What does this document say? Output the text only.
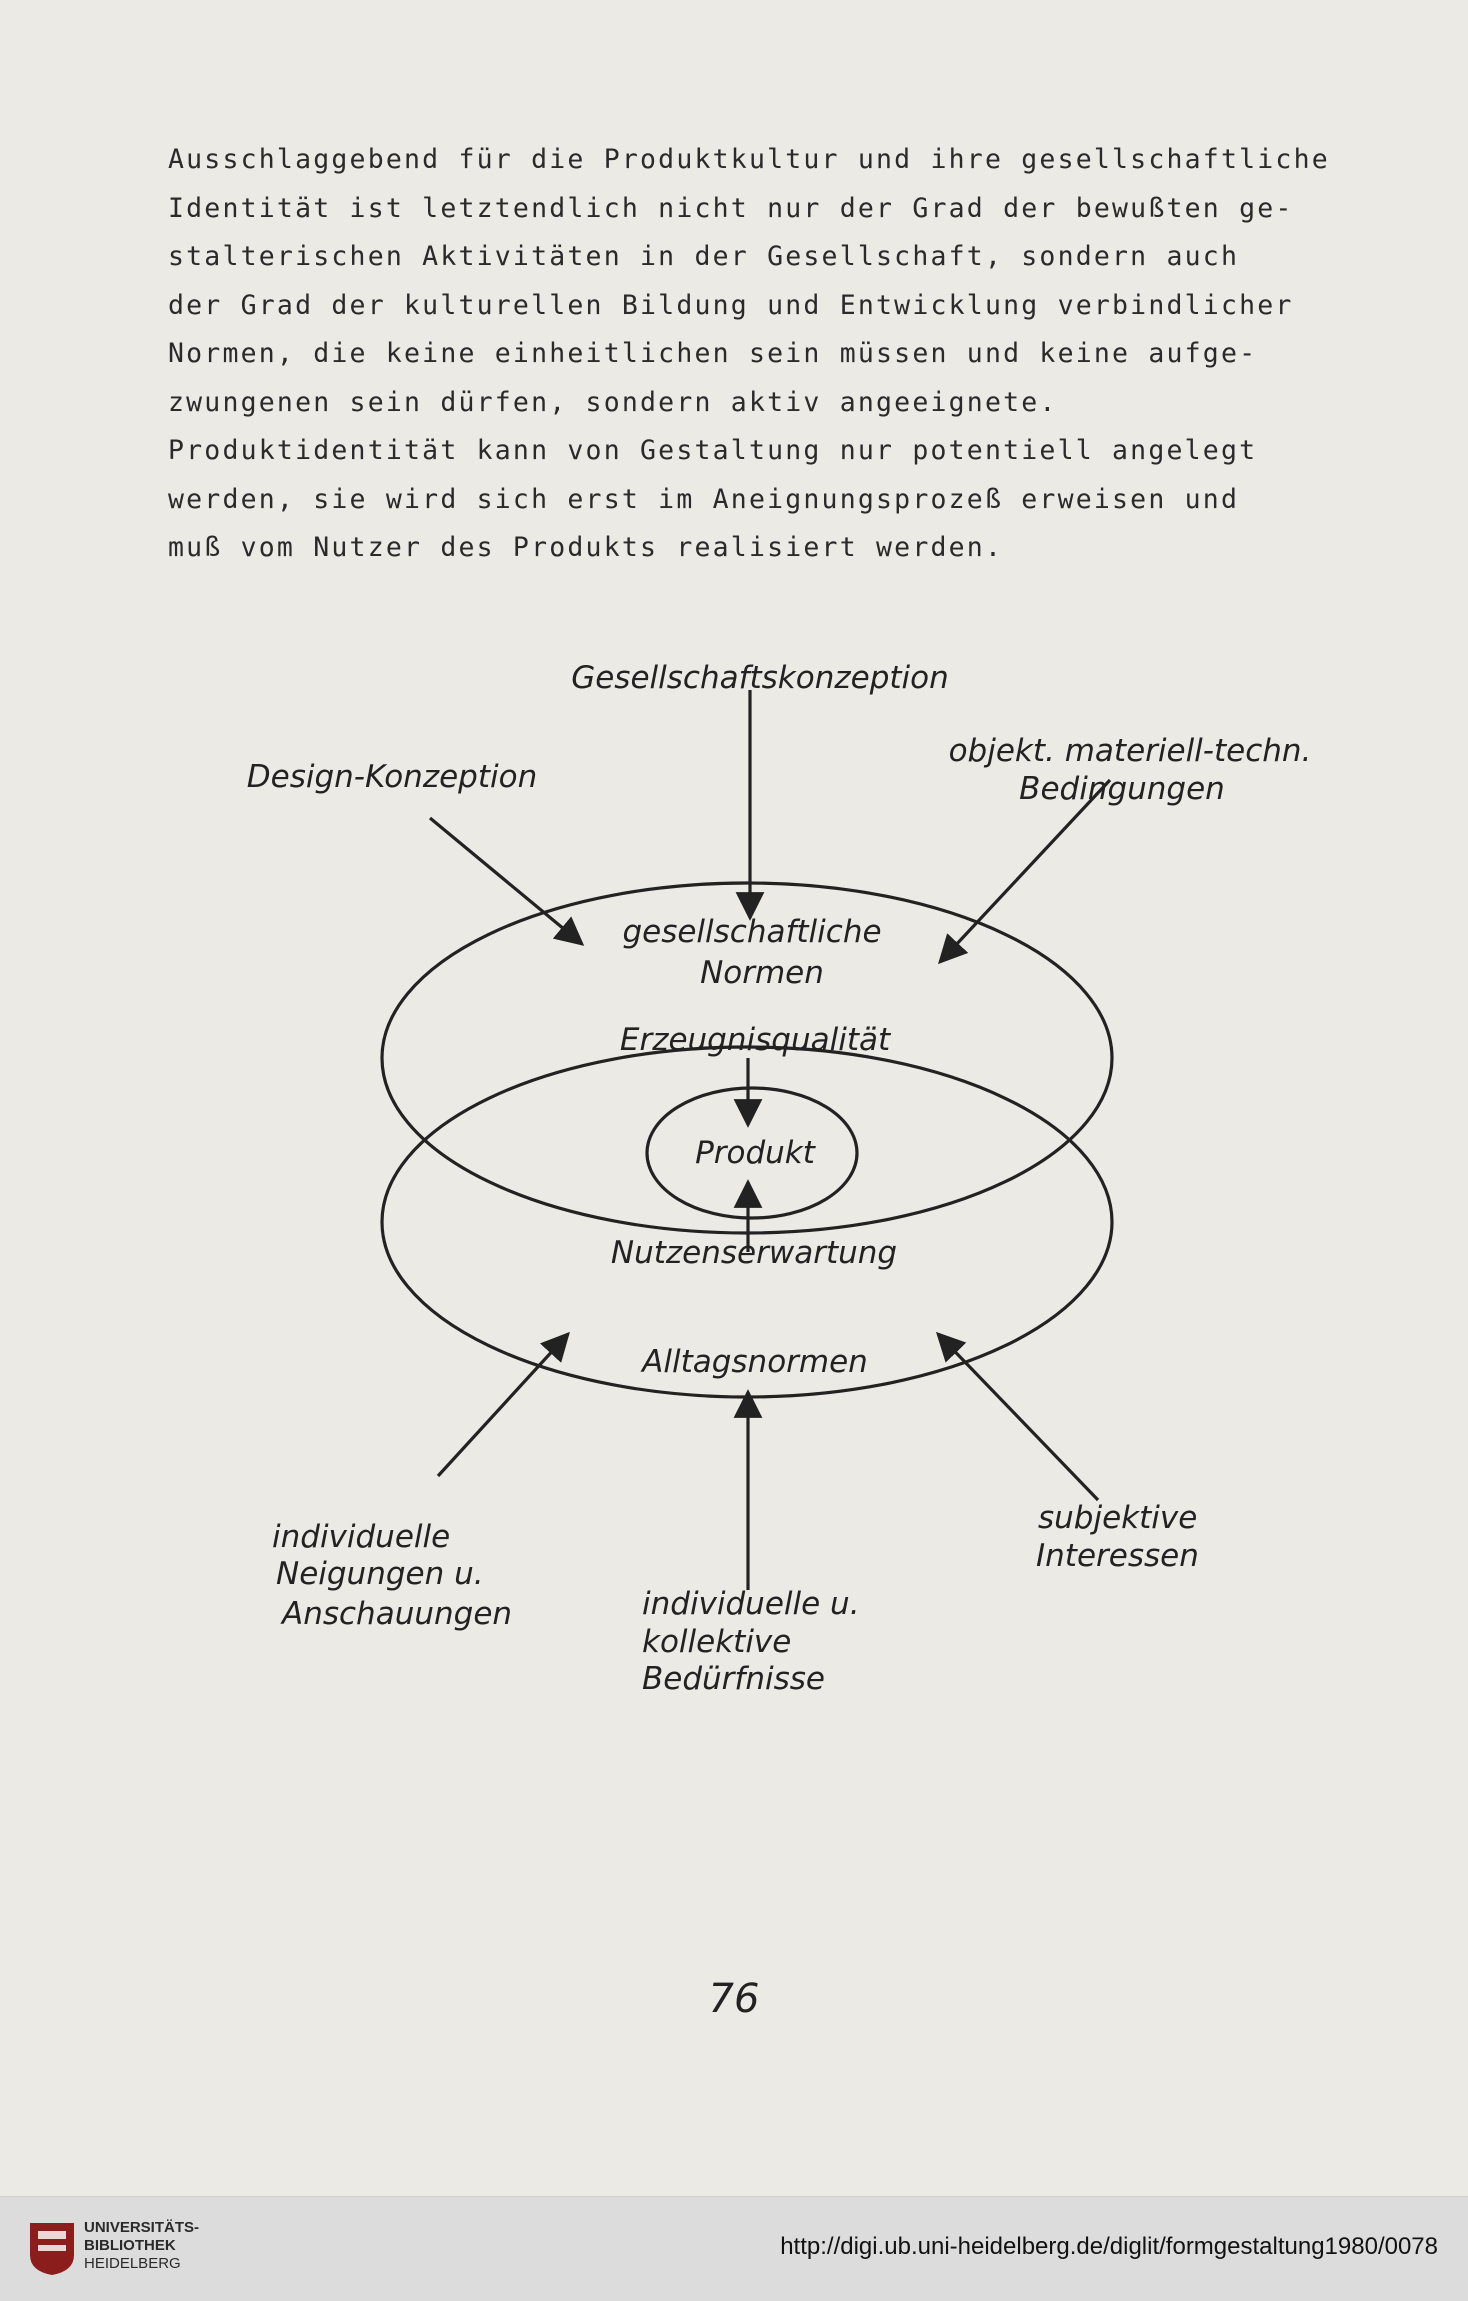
Ausschlaggebend für die Produktkultur und ihre gesellschaftliche
Identität ist letztendlich nicht nur der Grad der bewußten ge-
stalterischen Aktivitäten in der Gesellschaft, sondern auch
der Grad der kulturellen Bildung und Entwicklung verbindlicher
Normen, die keine einheitlichen sein müssen und keine aufge-
zwungenen sein dürfen, sondern aktiv angeeignete.
Produktidentität kann von Gestaltung nur potentiell angelegt
werden, sie wird sich erst im Aneignungsprozeß erweisen und
muß vom Nutzer des Produkts realisiert werden.

Gesellschaftskonzeption
Design-Konzeption
objekt. materiell-techn.
Bedingungen
gesellschaftliche
Normen
Erzeugnisqualität
Produkt
Nutzenserwartung
Alltagsnormen
individuelle
Neigungen u.
Anschauungen	individuelle u.
kollektive
Bedürfnisse
subjektive
Interessen
76
UNIVERSITÄTS-
BIBLIOTHEK
HEIDELBERG
http://digi.ub.uni-heidelberg.de/diglit/formgestaltung1980/0078
